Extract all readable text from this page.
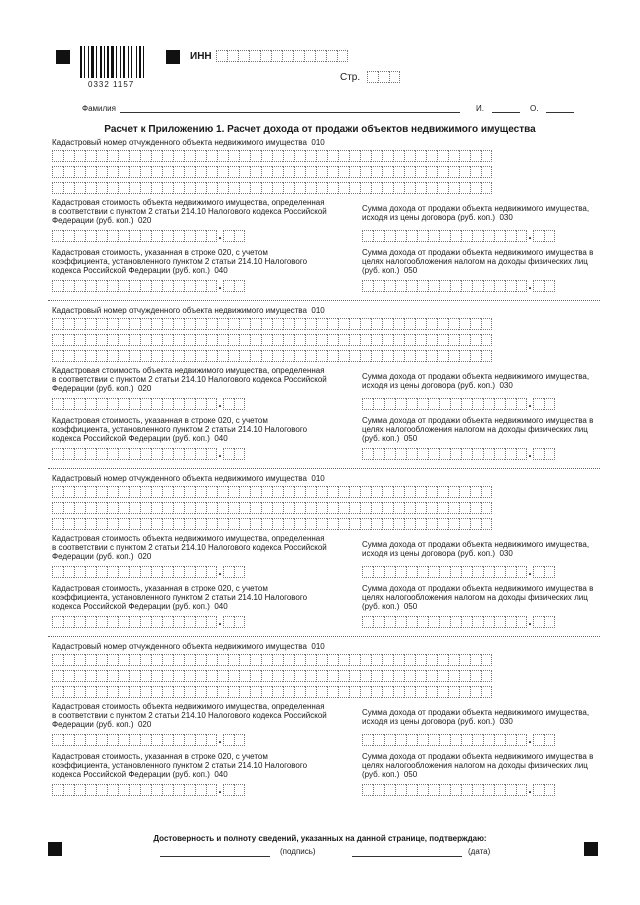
0332 1157
ИНН
Стр.
Фамилия	И.	О.
Расчет к Приложению 1. Расчет дохода от продажи объектов недвижимого имущества
Кадастровый номер отчужденного объекта недвижимого имущества 010
Кадастровая стоимость объекта недвижимого имущества, определенная
в соответствии с пунктом 2 статьи 214.10 Налогового кодекса Российской
Федерации (руб. коп.) 020
.
Сумма дохода от продажи объекта недвижимого имущества,
исходя из цены договора (руб. коп.) 030
.
Кадастровая стоимость, указанная в строке 020, с учетом
коэффициента, установленного пунктом 2 статьи 214.10 Налогового
кодекса Российской Федерации (руб. коп.) 040
.
Сумма дохода от продажи объекта недвижимого имущества в
целях налогообложения налогом на доходы физических лиц
(руб. коп.) 050
.
Кадастровый номер отчужденного объекта недвижимого имущества 010
Кадастровая стоимость объекта недвижимого имущества, определенная
в соответствии с пунктом 2 статьи 214.10 Налогового кодекса Российской
Федерации (руб. коп.) 020
.
Сумма дохода от продажи объекта недвижимого имущества,
исходя из цены договора (руб. коп.) 030
.
Кадастровая стоимость, указанная в строке 020, с учетом
коэффициента, установленного пунктом 2 статьи 214.10 Налогового
кодекса Российской Федерации (руб. коп.) 040
.
Сумма дохода от продажи объекта недвижимого имущества в
целях налогообложения налогом на доходы физических лиц
(руб. коп.) 050
.
Кадастровый номер отчужденного объекта недвижимого имущества 010
Кадастровая стоимость объекта недвижимого имущества, определенная
в соответствии с пунктом 2 статьи 214.10 Налогового кодекса Российской
Федерации (руб. коп.) 020
.
Сумма дохода от продажи объекта недвижимого имущества,
исходя из цены договора (руб. коп.) 030
.
Кадастровая стоимость, указанная в строке 020, с учетом
коэффициента, установленного пунктом 2 статьи 214.10 Налогового
кодекса Российской Федерации (руб. коп.) 040
.
Сумма дохода от продажи объекта недвижимого имущества в
целях налогообложения налогом на доходы физических лиц
(руб. коп.) 050
.
Кадастровый номер отчужденного объекта недвижимого имущества 010
Кадастровая стоимость объекта недвижимого имущества, определенная
в соответствии с пунктом 2 статьи 214.10 Налогового кодекса Российской
Федерации (руб. коп.) 020
.
Сумма дохода от продажи объекта недвижимого имущества,
исходя из цены договора (руб. коп.) 030
.
Кадастровая стоимость, указанная в строке 020, с учетом
коэффициента, установленного пунктом 2 статьи 214.10 Налогового
кодекса Российской Федерации (руб. коп.) 040
.
Сумма дохода от продажи объекта недвижимого имущества в
целях налогообложения налогом на доходы физических лиц
(руб. коп.) 050
.
Достоверность и полноту сведений, указанных на данной странице, подтверждаю:
(подпись)	(дата)
